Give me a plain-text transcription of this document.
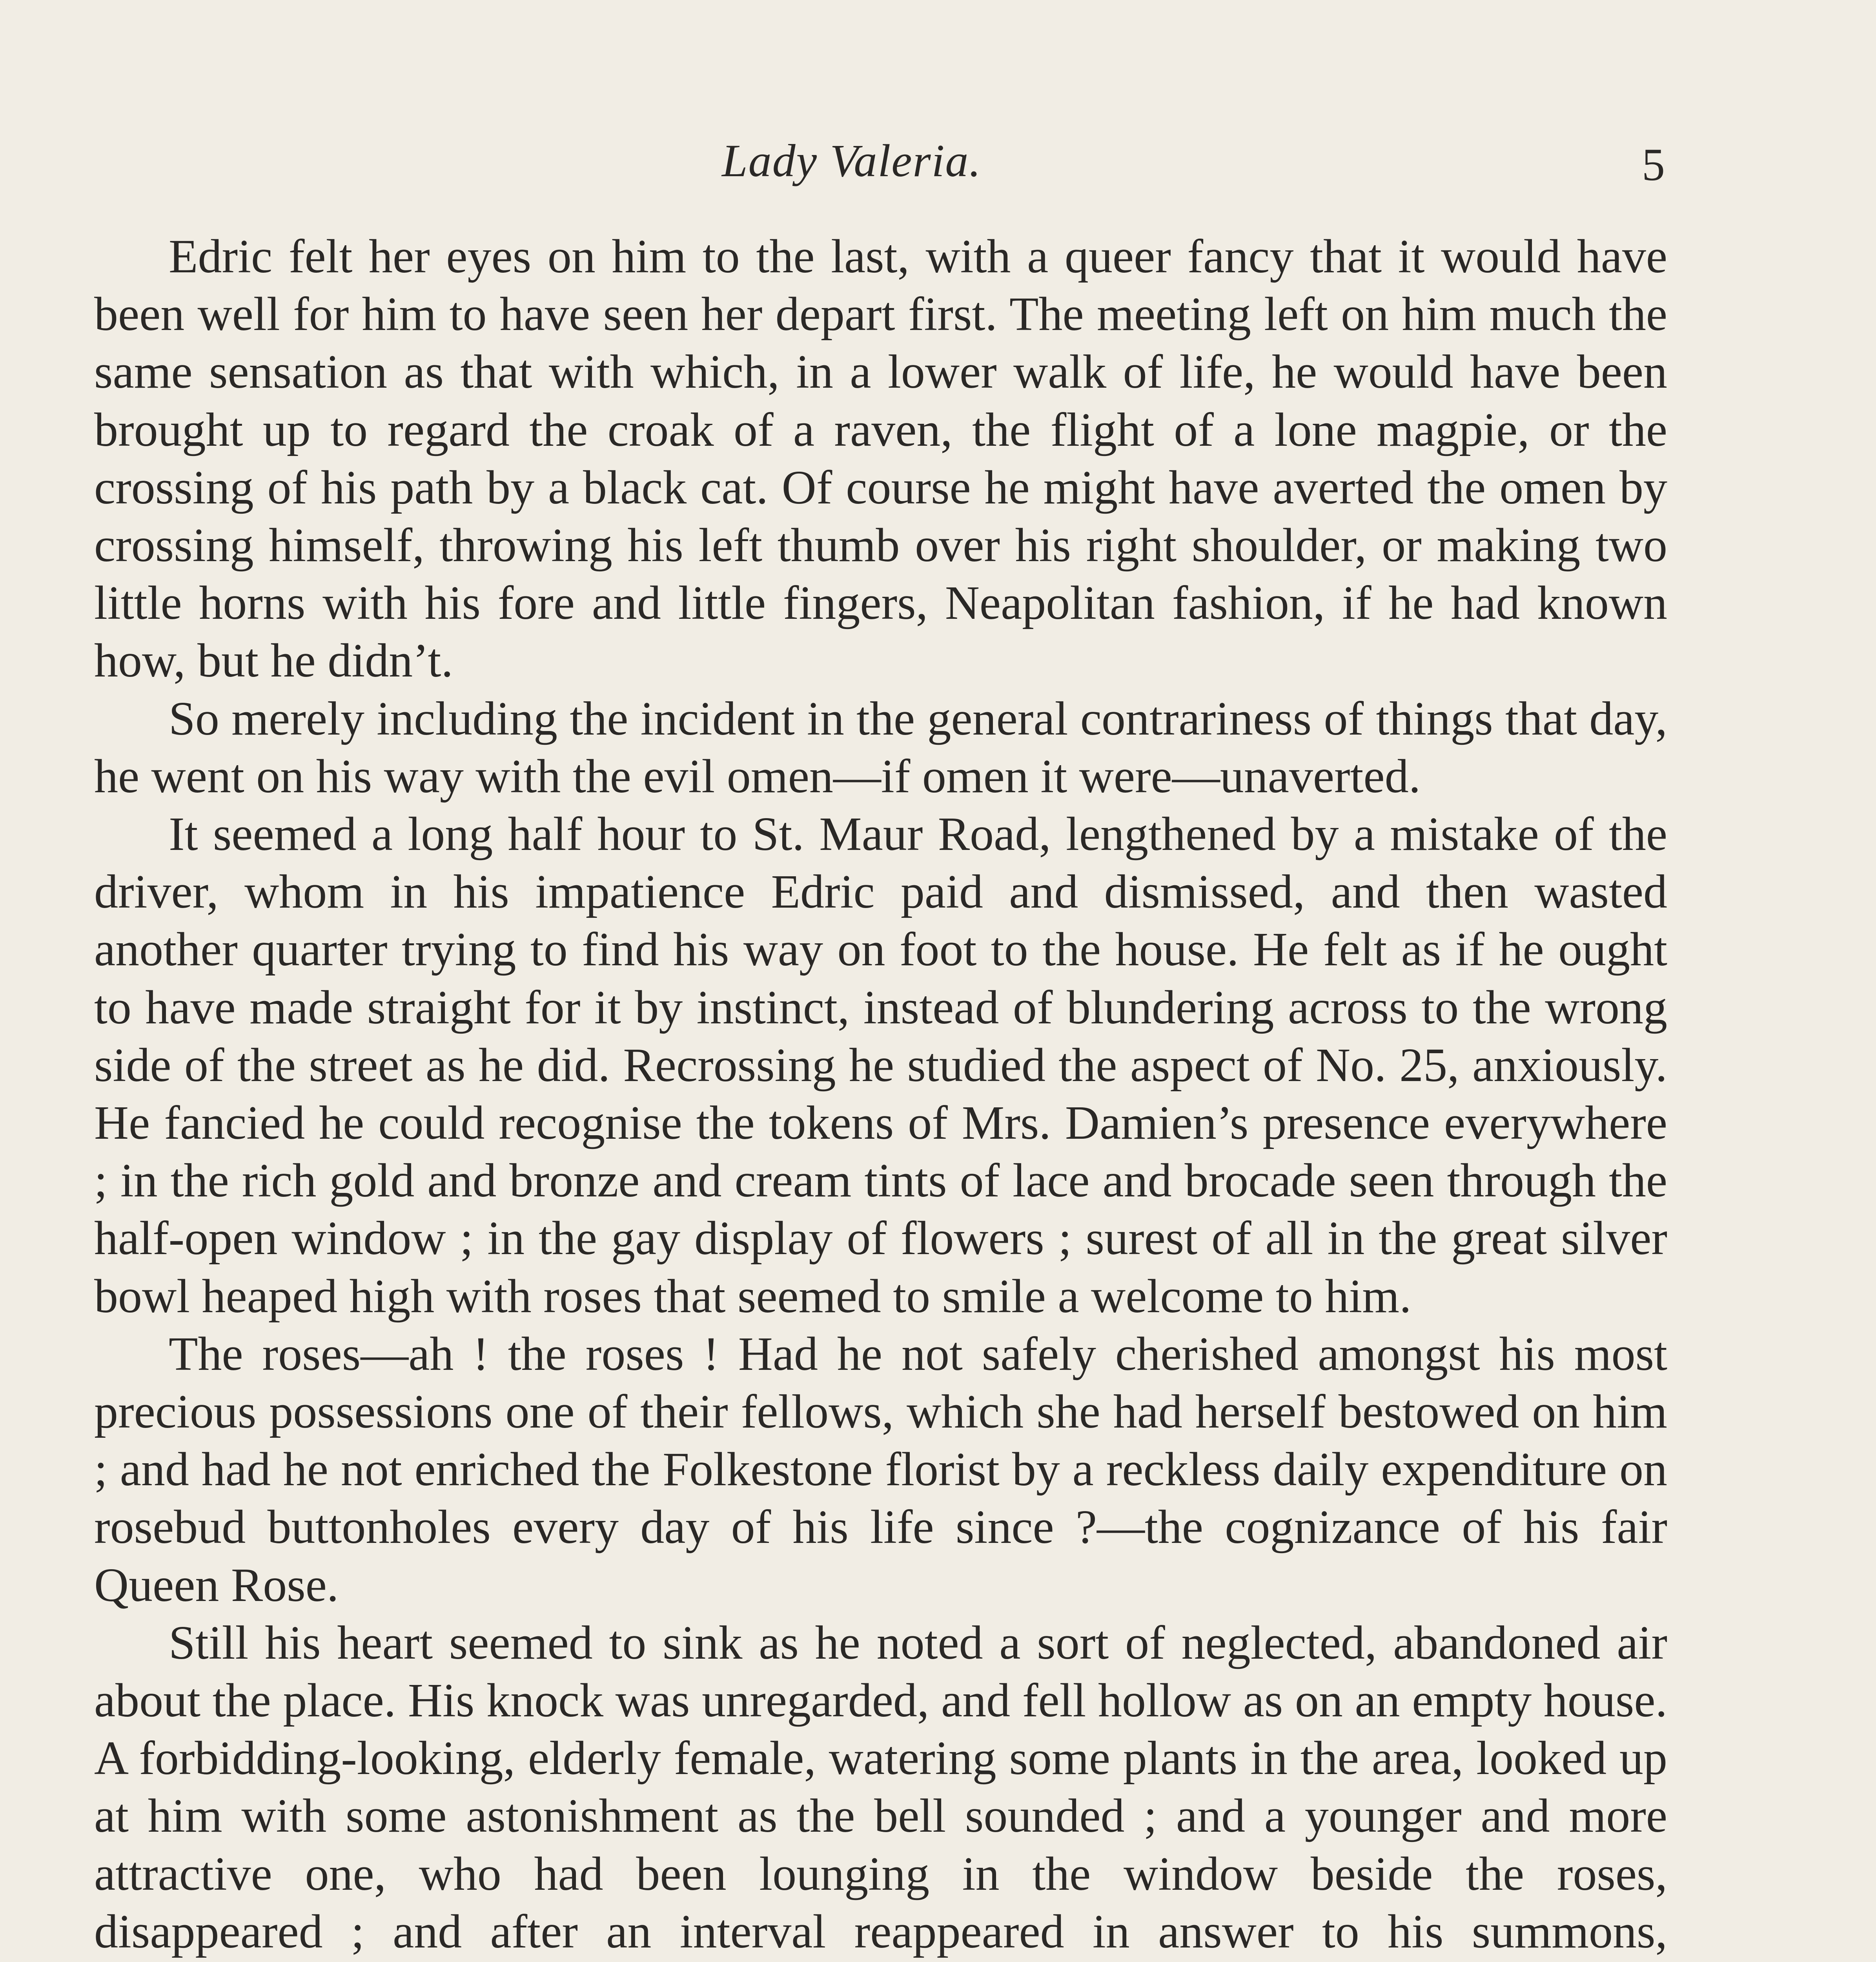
Lady Valeria.	5

Edric felt her eyes on him to the last, with a queer fancy that it would have been well for him to have seen her depart first. The meeting left on him much the same sensation as that with which, in a lower walk of life, he would have been brought up to regard the croak of a raven, the flight of a lone magpie, or the crossing of his path by a black cat. Of course he might have averted the omen by crossing himself, throwing his left thumb over his right shoulder, or making two little horns with his fore and little fingers, Neapolitan fashion, if he had known how, but he didn’t.

So merely including the incident in the general contrariness of things that day, he went on his way with the evil omen—if omen it were—unaverted.

It seemed a long half hour to St. Maur Road, lengthened by a mistake of the driver, whom in his impatience Edric paid and dismissed, and then wasted another quarter trying to find his way on foot to the house. He felt as if he ought to have made straight for it by instinct, instead of blundering across to the wrong side of the street as he did. Recrossing he studied the aspect of No. 25, anxiously. He fancied he could recognise the tokens of Mrs. Damien’s presence everywhere ; in the rich gold and bronze and cream tints of lace and brocade seen through the half-open window ; in the gay display of flowers ; surest of all in the great silver bowl heaped high with roses that seemed to smile a welcome to him.

The roses—ah ! the roses ! Had he not safely cherished amongst his most precious possessions one of their fellows, which she had herself bestowed on him ; and had he not enriched the Folkestone florist by a reckless daily expenditure on rosebud buttonholes every day of his life since ?—the cognizance of his fair Queen Rose.

Still his heart seemed to sink as he noted a sort of neglected, abandoned air about the place. His knock was unregarded, and fell hollow as on an empty house. A forbidding-looking, elderly female, watering some plants in the area, looked up at him with some astonishment as the bell sounded ; and a younger and more attractive one, who had been lounging in the window beside the roses, disappeared ; and after an interval reappeared in answer to his summons,
